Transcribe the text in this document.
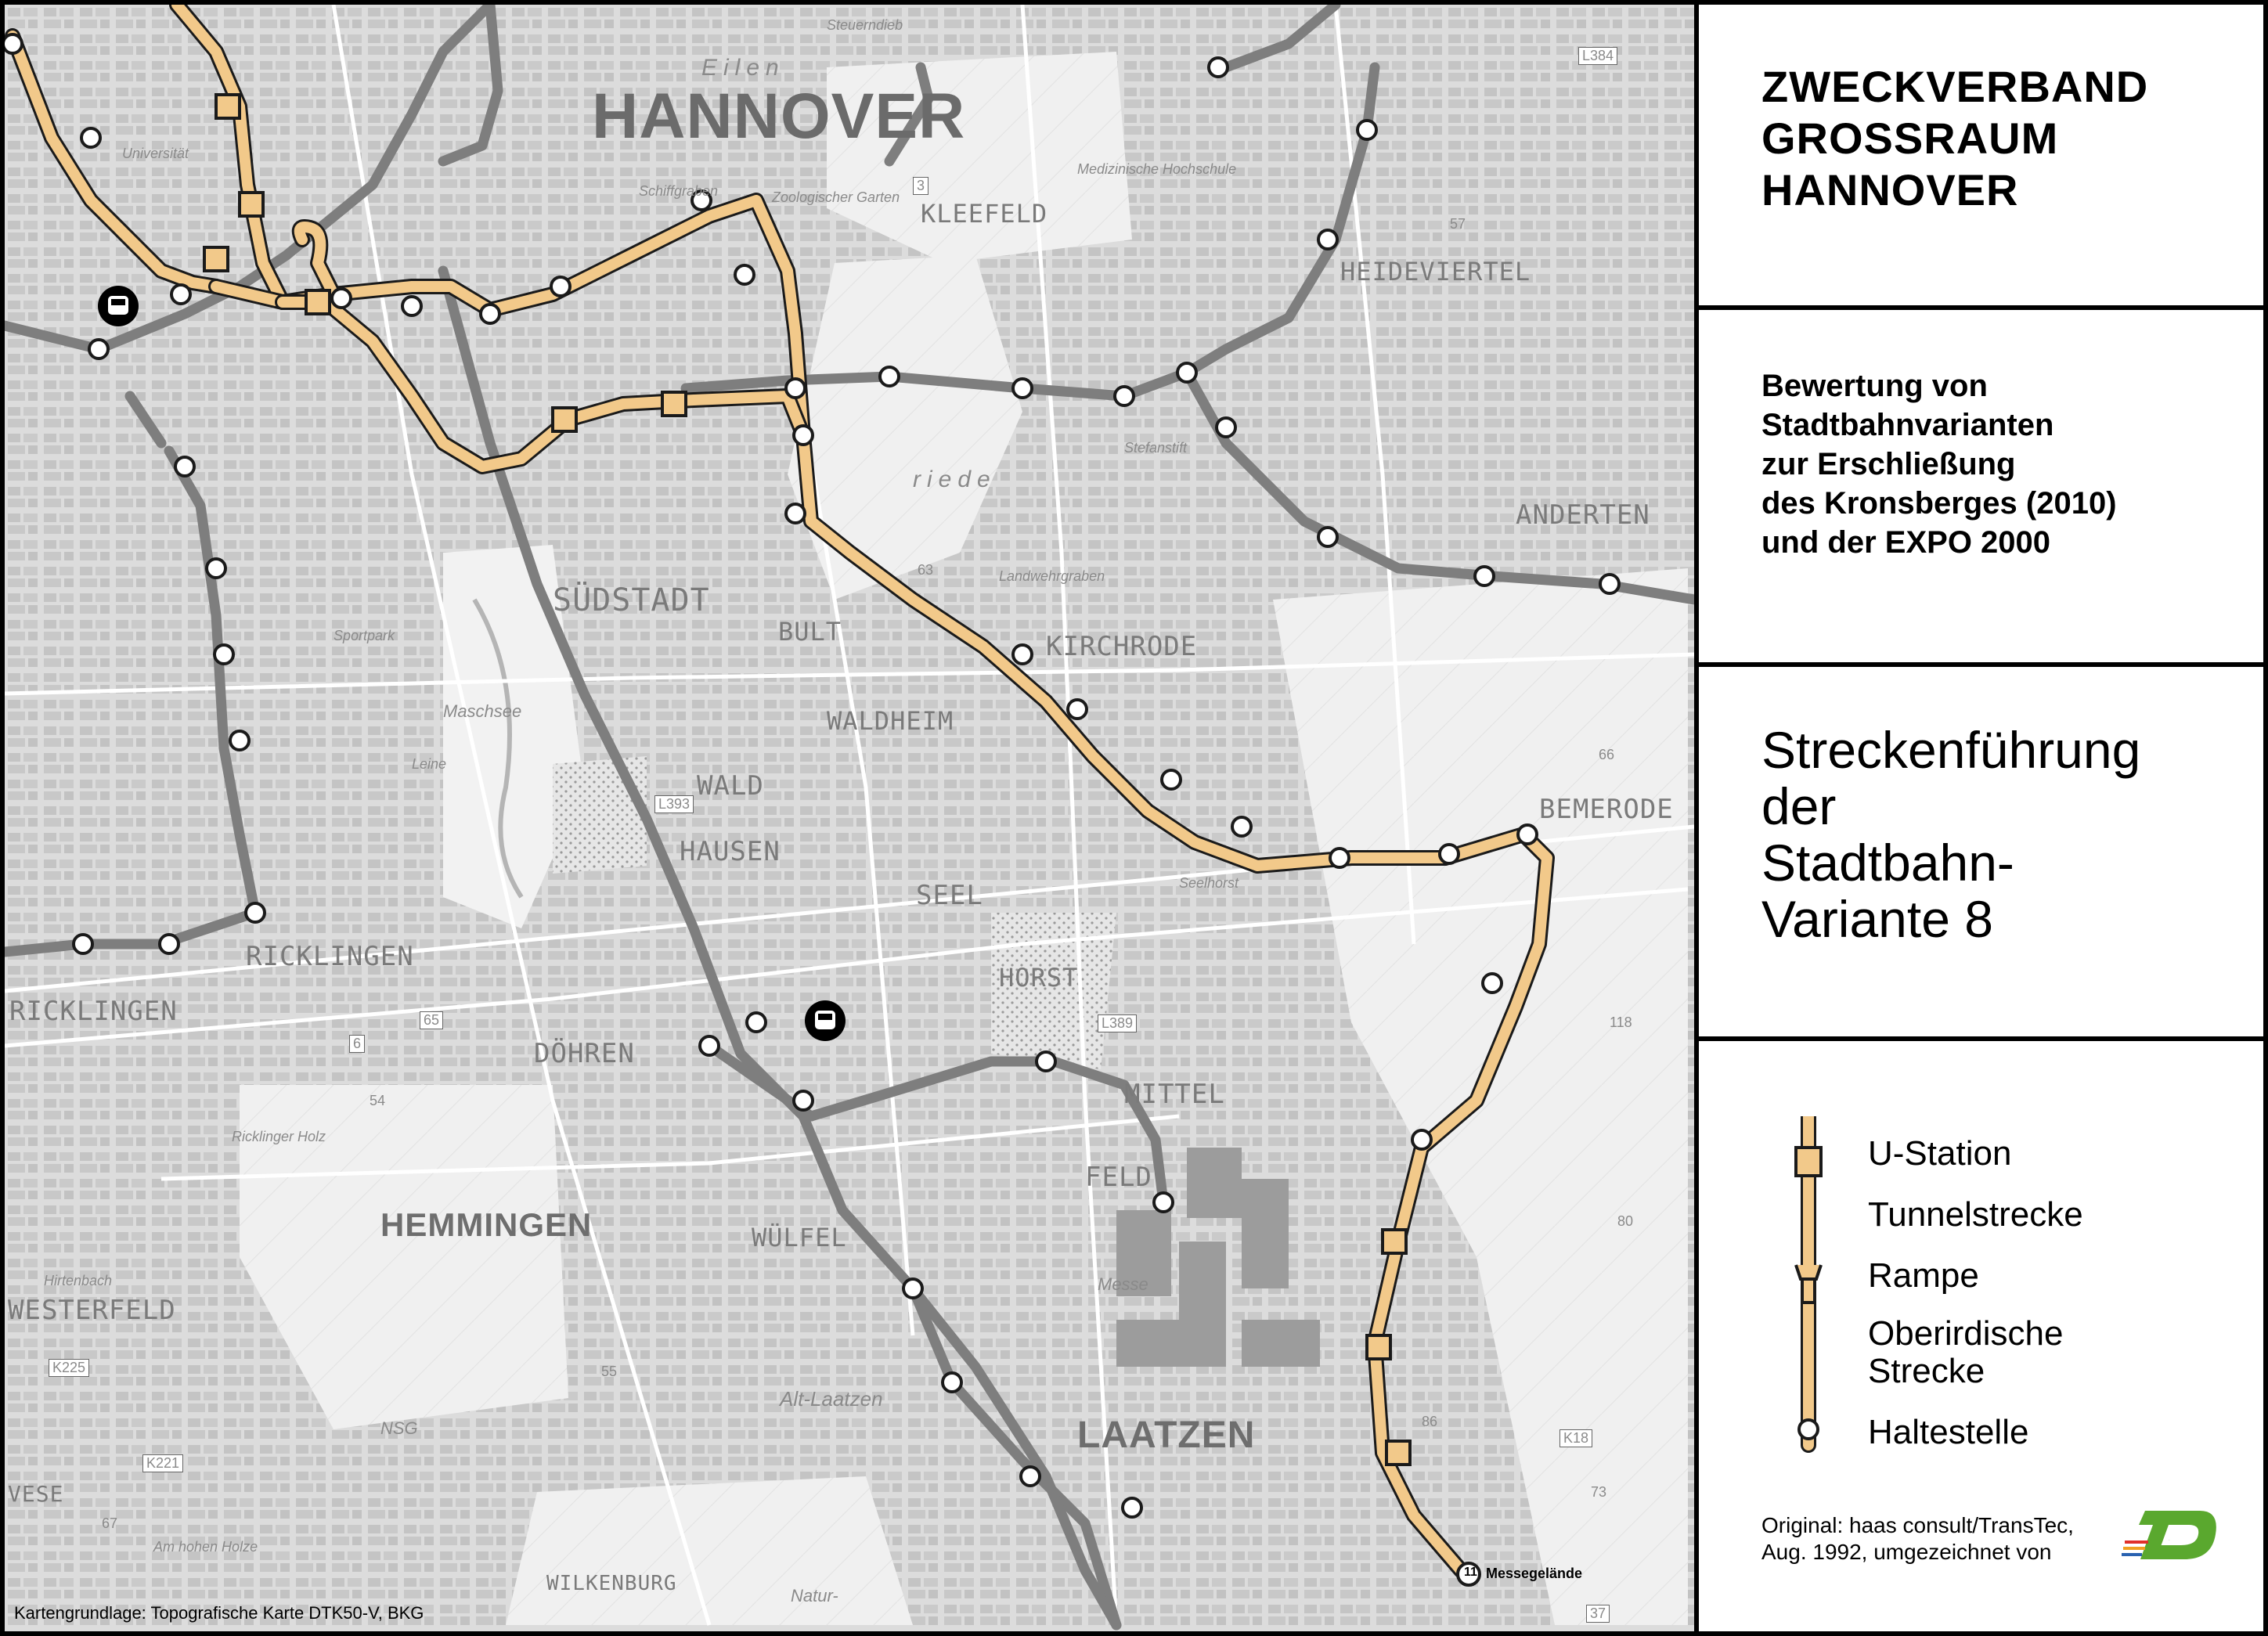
HANNOVER
HEMMINGEN
LAATZEN
KLEEFELD
HEIDEVIERTEL
ANDERTEN
SÜDSTADT
BULT	KIRCHRODE
WALDHEIM
WALD
HAUSEN
SEEL
HORST
BEMERODE
RICKLINGEN
RICKLINGEN
DÖHREN
MITTEL
FELD
WÜLFEL
WESTERFELD
WILKENBURG
VESE
Alt-Laatzen
Eilen
riede
Universität
Zoologischer Garten
Medizinische Hochschule
Stefanstift
Landwehrgraben
Sportpark
Maschsee
Leine
Ricklinger Holz
Hirtenbach
NSG
Am hohen Holze
Schiffgraben
Seelhorst
Steuerndieb
Messe
Natur-
3
6
65
L384
L389
L393
K221
K225
K18
37
54
55
57
63
66
67
73
80
86
118
11 Messegelände
Kartengrundlage: Topografische Karte DTK50-V, BKG
ZWECKVERBAND
GROSSRAUM
HANNOVER
Bewertung von
Stadtbahnvarianten
zur Erschließung
des Kronsberges (2010)
und der EXPO 2000
Streckenführung
der
Stadtbahn-
Variante 8
U-Station
Tunnelstrecke
Rampe
Oberirdische
Strecke
Haltestelle
Original: haas consult/TransTec,
Aug. 1992, umgezeichnet von	TD
